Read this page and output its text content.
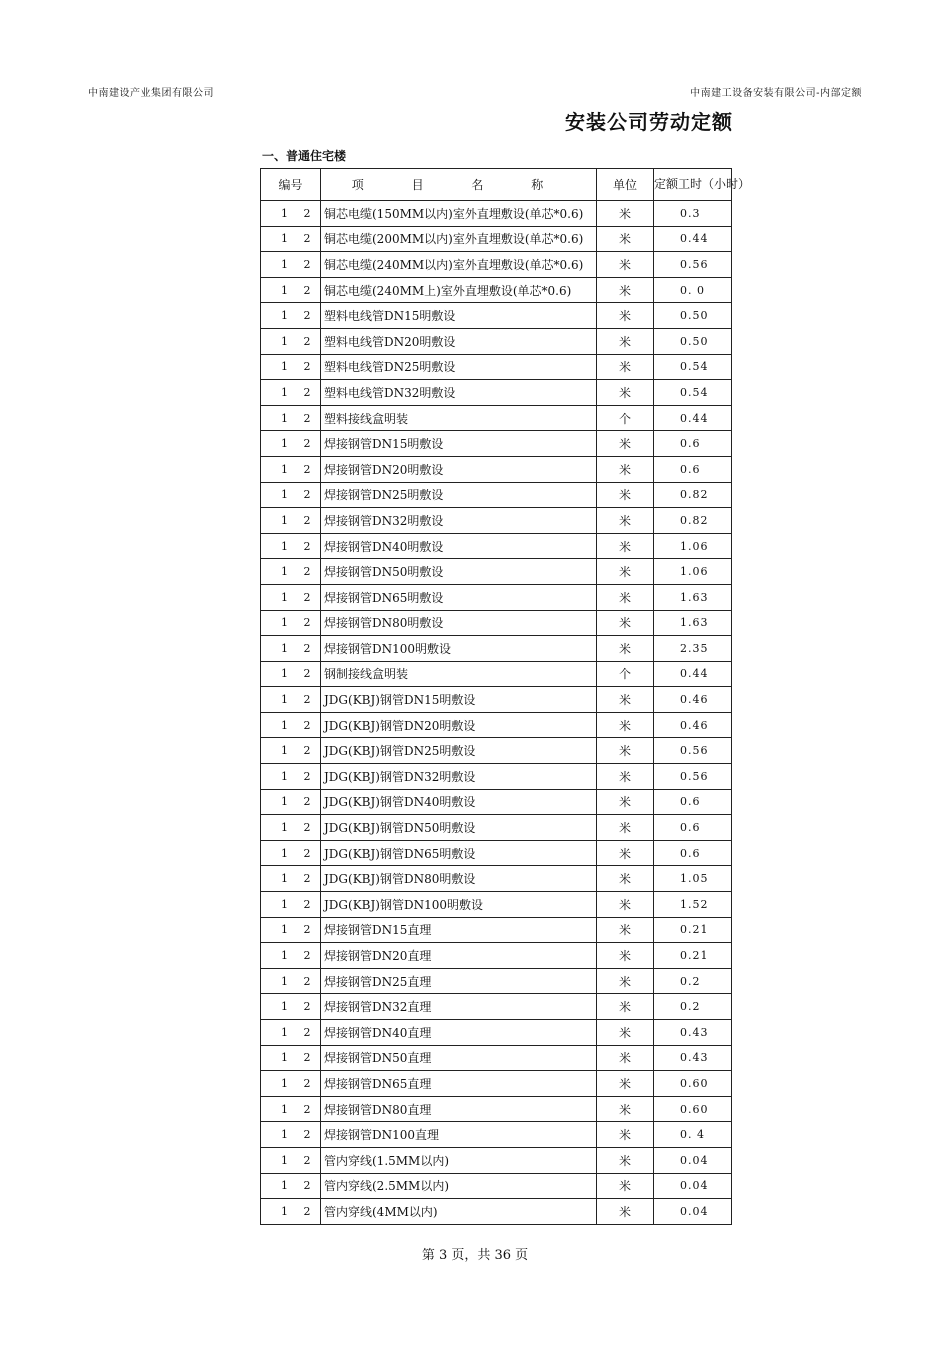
中南建设产业集团有限公司	中南建工设备安装有限公司-内部定额
安装公司劳动定额
一、普通住宅楼
编号	项 目 名 称	单位	定额工时（小时）
1 2	铜芯电缆(150MM以内)室外直埋敷设(单芯*0.6)	米	0.3
1 2	铜芯电缆(200MM以内)室外直埋敷设(单芯*0.6)	米	0.44
1 2	铜芯电缆(240MM以内)室外直埋敷设(单芯*0.6)	米	0.56
1 2	铜芯电缆(240MM上)室外直埋敷设(单芯*0.6)	米	0. 0
1 2	塑料电线管DN15明敷设	米	0.50
1 2	塑料电线管DN20明敷设	米	0.50
1 2	塑料电线管DN25明敷设	米	0.54
1 2	塑料电线管DN32明敷设	米	0.54
1 2	塑料接线盒明装	个	0.44
1 2	焊接钢管DN15明敷设	米	0.6
1 2	焊接钢管DN20明敷设	米	0.6
1 2	焊接钢管DN25明敷设	米	0.82
1 2	焊接钢管DN32明敷设	米	0.82
1 2	焊接钢管DN40明敷设	米	1.06
1 2	焊接钢管DN50明敷设	米	1.06
1 2	焊接钢管DN65明敷设	米	1.63
1 2	焊接钢管DN80明敷设	米	1.63
1 2	焊接钢管DN100明敷设	米	2.35
1 2	钢制接线盒明装	个	0.44
1 2	JDG(KBJ)钢管DN15明敷设	米	0.46
1 2	JDG(KBJ)钢管DN20明敷设	米	0.46
1 2	JDG(KBJ)钢管DN25明敷设	米	0.56
1 2	JDG(KBJ)钢管DN32明敷设	米	0.56
1 2	JDG(KBJ)钢管DN40明敷设	米	0.6
1 2	JDG(KBJ)钢管DN50明敷设	米	0.6
1 2	JDG(KBJ)钢管DN65明敷设	米	0.6
1 2	JDG(KBJ)钢管DN80明敷设	米	1.05
1 2	JDG(KBJ)钢管DN100明敷设	米	1.52
1 2	焊接钢管DN15直理	米	0.21
1 2	焊接钢管DN20直理	米	0.21
1 2	焊接钢管DN25直理	米	0.2
1 2	焊接钢管DN32直理	米	0.2
1 2	焊接钢管DN40直理	米	0.43
1 2	焊接钢管DN50直理	米	0.43
1 2	焊接钢管DN65直理	米	0.60
1 2	焊接钢管DN80直理	米	0.60
1 2	焊接钢管DN100直理	米	0. 4
1 2	管内穿线(1.5MM以内)	米	0.04
1 2	管内穿线(2.5MM以内)	米	0.04
1 2	管内穿线(4MM以内)	米	0.04
第 3 页，共 36 页
